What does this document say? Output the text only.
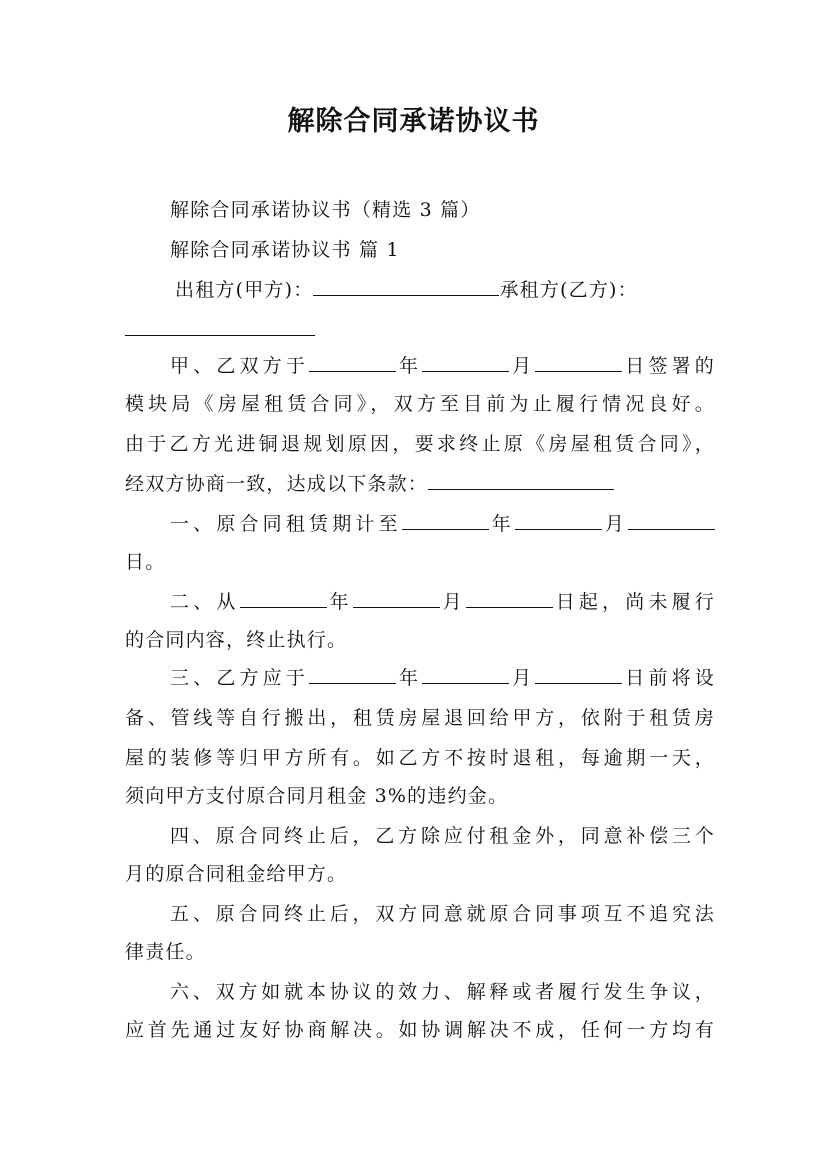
解除合同承诺协议书
解除合同承诺协议书（精选 3 篇）
解除合同承诺协议书 篇 1
出租方(甲方)：	承租方(乙方)：
甲、乙双方于	年	月	日签署的
模块局《房屋租赁合同》，双方至目前为止履行情况良好。
由于乙方光进铜退规划原因，要求终止原《房屋租赁合同》，
经双方协商一致，达成以下条款：
一、原合同租赁期计至	年	月
日。
二、从	年	月	日起，尚未履行
的合同内容，终止执行。
三、乙方应于	年	月	日前将设
备、管线等自行搬出，租赁房屋退回给甲方，依附于租赁房
屋的装修等归甲方所有。如乙方不按时退租，每逾期一天，
须向甲方支付原合同月租金 3%的违约金。
四、原合同终止后，乙方除应付租金外，同意补偿三个
月的原合同租金给甲方。
五、原合同终止后，双方同意就原合同事项互不追究法
律责任。
六、双方如就本协议的效力、解释或者履行发生争议，
应首先通过友好协商解决。如协调解决不成，任何一方均有
